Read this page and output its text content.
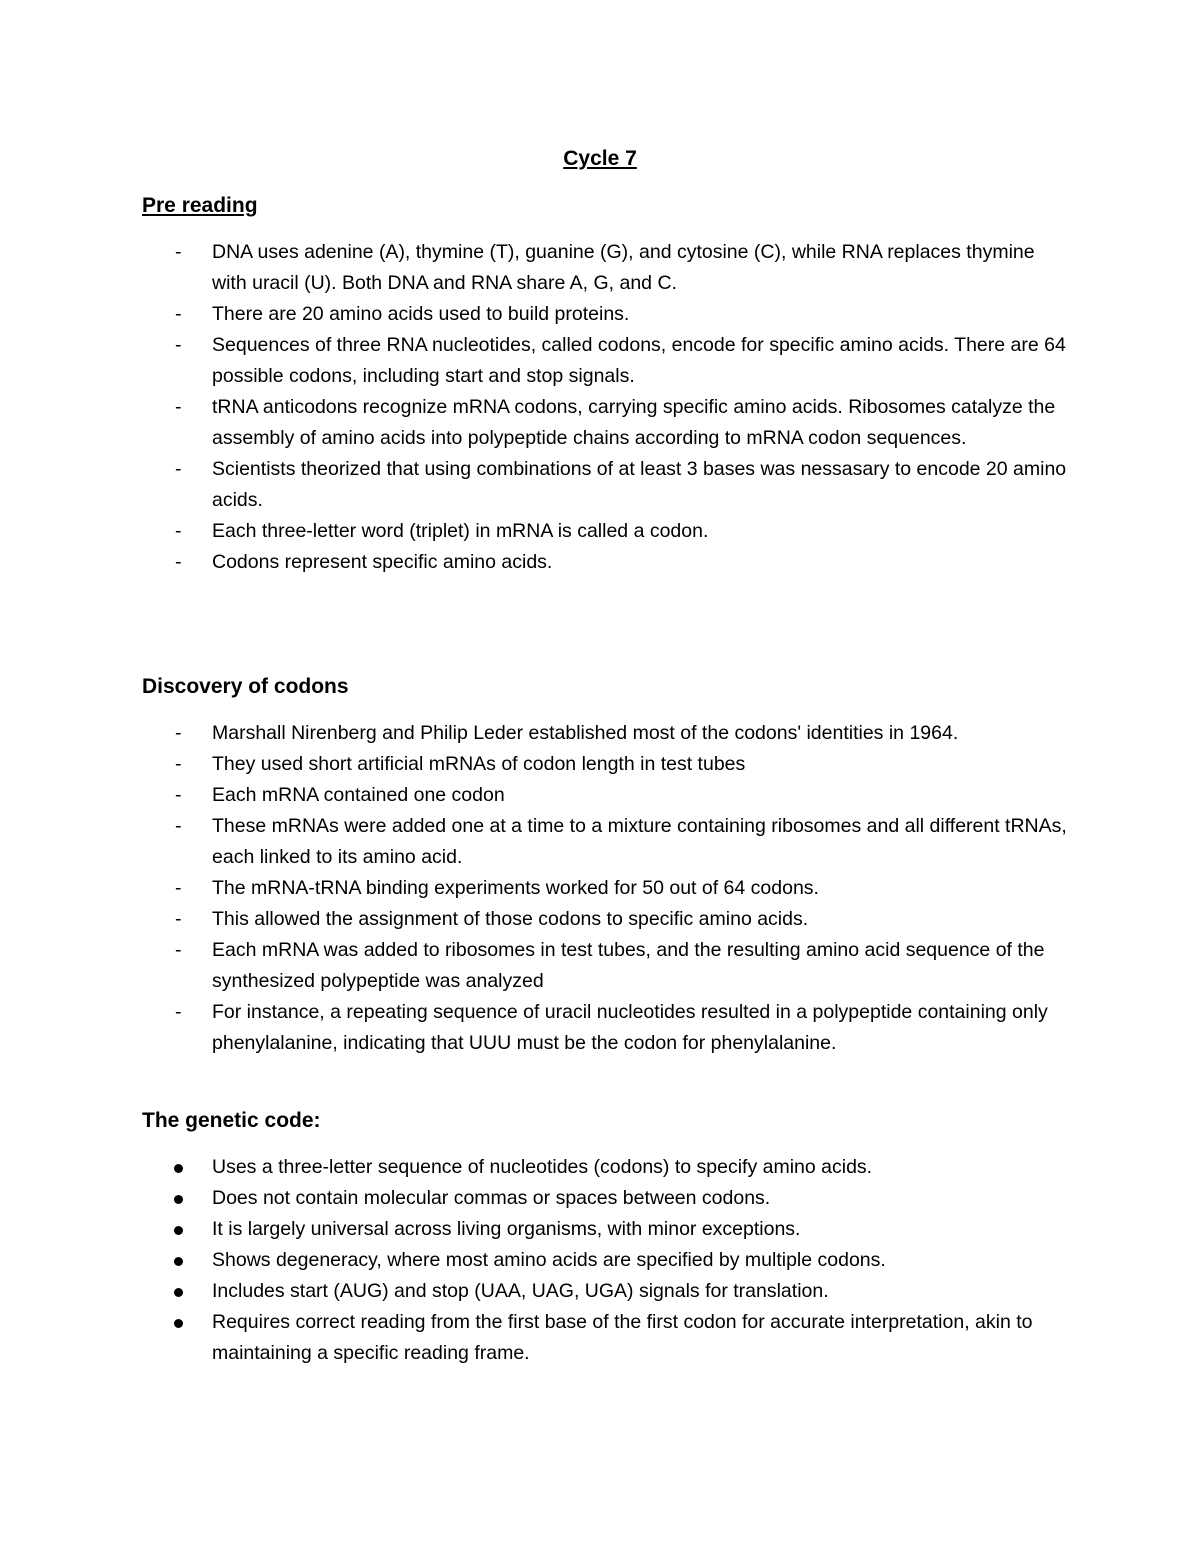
Cycle 7
Pre reading
-	DNA uses adenine (A), thymine (T), guanine (G), and cytosine (C), while RNA replaces thymine with uracil (U). Both DNA and RNA share A, G, and C.
-	There are 20 amino acids used to build proteins.
-	Sequences of three RNA nucleotides, called codons, encode for specific amino acids. There are 64 possible codons, including start and stop signals.
-	tRNA anticodons recognize mRNA codons, carrying specific amino acids. Ribosomes catalyze the assembly of amino acids into polypeptide chains according to mRNA codon sequences.
-	Scientists theorized that using combinations of at least 3 bases was nessasary to encode 20 amino acids.
-	Each three-letter word (triplet) in mRNA is called a codon.
-	Codons represent specific amino acids.
Discovery of codons
-	Marshall Nirenberg and Philip Leder established most of the codons' identities in 1964.
-	They used short artificial mRNAs of codon length in test tubes
-	Each mRNA contained one codon
-	These mRNAs were added one at a time to a mixture containing ribosomes and all different tRNAs, each linked to its amino acid.
-	The mRNA-tRNA binding experiments worked for 50 out of 64 codons.
-	This allowed the assignment of those codons to specific amino acids.
-	Each mRNA was added to ribosomes in test tubes, and the resulting amino acid sequence of the synthesized polypeptide was analyzed
-	For instance, a repeating sequence of uracil nucleotides resulted in a polypeptide containing only phenylalanine, indicating that UUU must be the codon for phenylalanine.
The genetic code:
Uses a three-letter sequence of nucleotides (codons) to specify amino acids.
Does not contain molecular commas or spaces between codons.
It is largely universal across living organisms, with minor exceptions.
Shows degeneracy, where most amino acids are specified by multiple codons.
Includes start (AUG) and stop (UAA, UAG, UGA) signals for translation.
Requires correct reading from the first base of the first codon for accurate interpretation, akin to maintaining a specific reading frame.
